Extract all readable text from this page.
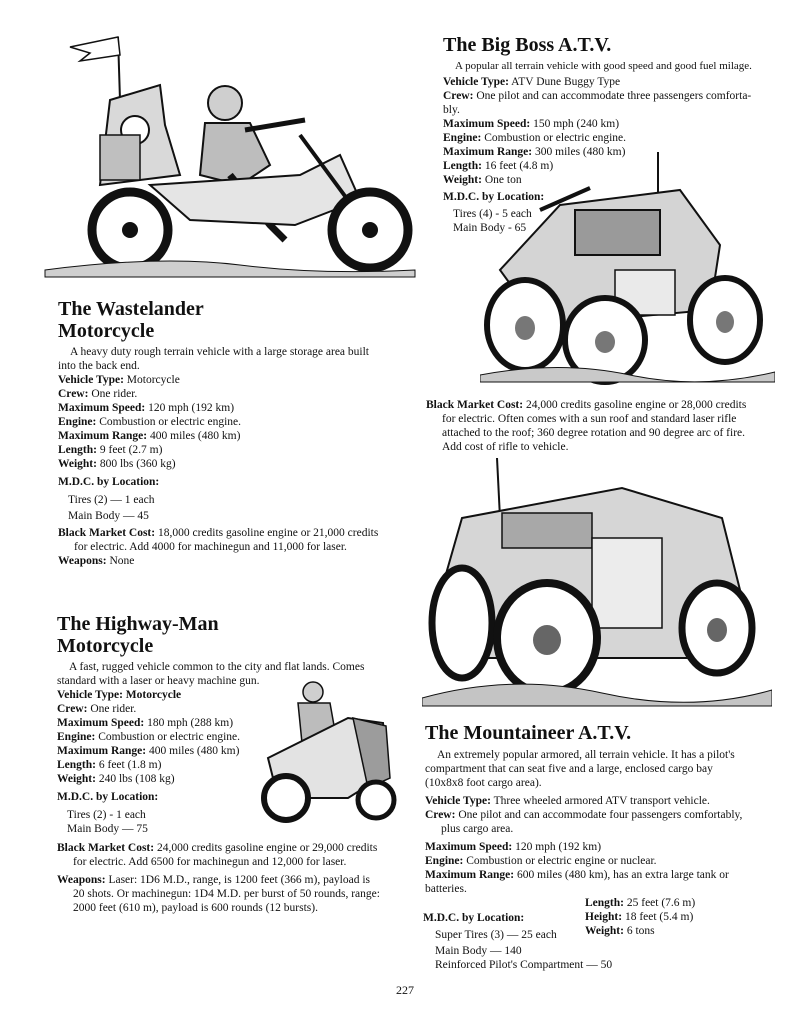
The Big Boss A.T.V.
A popular all terrain vehicle with good speed and good fuel milage.
Vehicle Type: ATV Dune Buggy Type
Crew: One pilot and can accommodate three passengers comforta-
bly.
Maximum Speed: 150 mph (240 km)
Engine: Combustion or electric engine.
Maximum Range: 300 miles (480 km)
Length: 16 feet (4.8 m)
Weight: One ton
M.D.C. by Location:
Tires (4) - 5 each
Main Body - 65
Black Market Cost: 24,000 credits gasoline engine or 28,000 credits
for electric. Often comes with a sun roof and standard laser rifle
attached to the roof; 360 degree rotation and 90 degree arc of fire.
Add cost of rifle to vehicle.
The Wastelander
Motorcycle
A heavy duty rough terrain vehicle with a large storage area built
into the back end.
Vehicle Type: Motorcycle
Crew: One rider.
Maximum Speed: 120 mph (192 km)
Engine: Combustion or electric engine.
Maximum Range: 400 miles (480 km)
Length: 9 feet (2.7 m)
Weight: 800 lbs (360 kg)
M.D.C. by Location:
Tires (2) — 1 each
Main Body — 45
Black Market Cost: 18,000 credits gasoline engine or 21,000 credits
for electric. Add 4000 for machinegun and 11,000 for laser.
Weapons: None
The Highway-Man
Motorcycle
A fast, rugged vehicle common to the city and flat lands. Comes
standard with a laser or heavy machine gun.
Vehicle Type: Motorcycle
Crew: One rider.
Maximum Speed: 180 mph (288 km)
Engine: Combustion or electric engine.
Maximum Range: 400 miles (480 km)
Length: 6 feet (1.8 m)
Weight: 240 lbs (108 kg)
M.D.C. by Location:
Tires (2) - 1 each
Main Body — 75
Black Market Cost: 24,000 credits gasoline engine or 29,000 credits
for electric. Add 6500 for machinegun and 12,000 for laser.
Weapons: Laser: 1D6 M.D., range, is 1200 feet (366 m), payload is
20 shots. Or machinegun: 1D4 M.D. per burst of 50 rounds, range:
2000 feet (610 m), payload is 600 rounds (12 bursts).
The Mountaineer A.T.V.
An extremely popular armored, all terrain vehicle. It has a pilot's
compartment that can seat five and a large, enclosed cargo bay
(10x8x8 foot cargo area).
Vehicle Type: Three wheeled armored ATV transport vehicle.
Crew: One pilot and can accommodate four passengers comfortably,
plus cargo area.
Maximum Speed: 120 mph (192 km)
Engine: Combustion or electric engine or nuclear.
Maximum Range: 600 miles (480 km), has an extra large tank or
batteries.
Length: 25 feet (7.6 m)
Height: 18 feet (5.4 m)
Weight: 6 tons
M.D.C. by Location:
Super Tires (3) — 25 each
Main Body — 140
Reinforced Pilot's Compartment — 50
227
